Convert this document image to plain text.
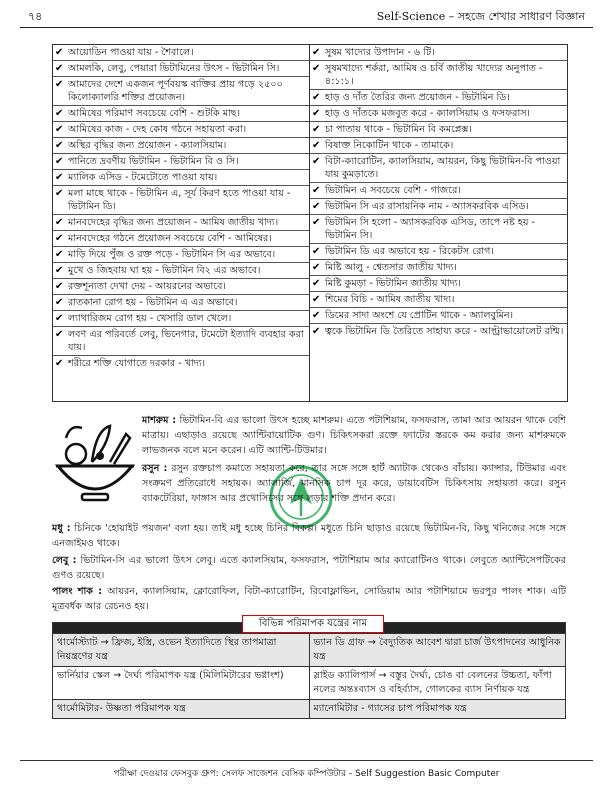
৭৪	Self-Science – সহজে শেখার সাধারণ বিজ্ঞান
✔ আয়োডিন পাওয়া যায় - শৈবালে।
✔ আমলকি, লেবু, পেয়ারা ভিটামিনের উৎস - ভিটামিন সি।
✔ আমাদের দেশে একজন পূর্ণবয়স্ক ব্যক্তির প্রায় গড়ে ২৫০০ কিলোক্যালরি শক্তির প্রয়োজন।
✔ আমিষের পরিমাণ সবচেয়ে বেশি - শুটকি মাছ।
✔ আমিষের কাজ - দেহ কোষ গঠনে সহায়তা করা।
✔ অস্থির বৃদ্ধির জন্য প্রয়োজন - ক্যালসিয়াম।
✔ পানিতে দ্রবণীয় ভিটামিন - ভিটামিন বি ও সি।
✔ ম্যালিক এসিড - টমেটোতে পাওয়া যায়।
✔ মলা মাছে থাকে - ভিটামিন এ, সূর্য কিরণ হতে পাওয়া যায় - ভিটামিন ডি।
✔ মানবদেহের বৃদ্ধির জন্য প্রয়োজন - আমিষ জাতীয় খাদ্য।
✔ মানবদেহের গঠনে প্রয়োজন সবচেয়ে বেশি - আমিষের।
✔ মাড়ি দিয়ে পুঁজ ও রক্ত পড়ে - ভিটামিন সি এর অভাবে।
✔ মুখে ও জিহবায় ঘা হয় - ভিটামিন বি২ এর অভাবে।
✔ রক্তশূন্যতা দেখা দেয় - আয়রনের অভাবে।
✔ রাতকানা রোগ হয় - ভিটামিন এ এর অভাবে।
✔ ল্যাথারিজম রোগ হয় - খেসারি ডাল খেলে।
✔ লবণ এর পরিবর্তে লেবু, ভিনেগার, টমেটো ইত্যাদি ব্যবহার করা যায়।
✔ শরীরে শক্তি যোগাতে দরকার - খাদ্য।
✔ সুষম খাদ্যের উপাদান - ৬ টি।
✔ সুষমখাদ্যে শর্করা, আমিষ ও চর্বি জাতীয় খাদ্যের অনুপাত - ৪:১:১।
✔ হাড় ও দাঁত তৈরির জন্য প্রয়োজন - ভিটামিন ডি।
✔ হাড় ও দাঁতকে মজবুত করে - ক্যালসিয়াম ও ফসফরাস।
✔ চা পাতায় থাকে - ভিটামিন বি কমপ্লেক্স।
✔ বিষাক্ত নিকোটিন থাকে - তামাকে।
✔ বিটা-ক্যারোটিন, ক্যালসিয়াম, আয়রন, কিছু ভিটামিন-বি পাওয়া যায় কুমড়াতে।
✔ ভিটামিন এ সবচেয়ে বেশি - গাজরে।
✔ ভিটামিন সি এর রাসায়নিক নাম - অ্যাসকরবিক এসিড।
✔ ভিটামিন সি হলো - অ্যাসকরবিক এসিড, তাপে নষ্ট হয় - ভিটামিন সি।
✔ ভিটামিন ডি এর অভাবে হয় - রিকেটস রোগ।
✔ মিষ্টি আলু - শ্বেতসার জাতীয় খাদ্য।
✔ মিষ্টি কুমড়া - ভিটামিন জাতীয় খাদ্য।
✔ শিমের বিচি - আমিষ জাতীয় খাদ্য।
✔ ডিমের সাদা অংশে যে প্রোটিন থাকে - অ্যালবুমিন।
✔ ত্বকে ভিটামিন ডি তৈরিতে সাহায্য করে - আল্ট্রাভায়োলেট রশ্মি।
মাশরুম : ভিটামিন-বি এর ভালো উৎস হচ্ছে মাশরুম। এতে পটাশিয়াম, ফসফরাস, তামা আর আয়রন থাকে বেশি মাত্রায়। এছাড়াও রয়েছে অ্যান্টিবায়োটিক গুণ। চিকিৎসকরা রক্তে ফ্যাটের স্তরকে কম করার জন্য মাশরুমকে লাভজনক বলে মনে করেন। এটি অ্যান্টি-টিউমার।
রসুন : রসুন রক্তচাপ কমাতে সহায়তা করে, তার সঙ্গে সঙ্গে হার্ট অ্যাটাক থেকেও বাঁচায়। ক্যান্সার, টিউমার এবং সংক্রমণ প্রতিরোধে সহায়ক। অ্যালার্জি, মানসিক চাপ দূর করে, ডায়াবেটিস চিকিৎসায় সহায়তা করে। রসুন ব্যাকটেরিয়া, ফাঙ্গাস আর প্রথোসিসের সঙ্গে লড়ার শক্তি প্রদান করে।
মধু : চিনিকে 'হোয়াইট পয়জন' বলা হয়। তাই মধু হচ্ছে চিনির বিকল্প। মধুতে চিনি ছাড়াও রয়েছে ভিটামিন-বি, কিছু খনিজের সঙ্গে সঙ্গে এনজাইমও থাকে।
লেবু : ভিটামিন-সি এর ভালো উৎস লেবু। এতে ক্যালসিয়াম, ফসফরাস, পটাশিয়াম আর ক্যারোটিনও থাকে। লেবুতে অ্যান্টিসেপটিকের গুণও রয়েছে।
পালং শাক : আয়রন, ক্যালসিয়াম, ক্লোরোফিল, বিটা-ক্যারোটিন, রিবোফ্লাভিন, সোডিয়াম আর পটাশিয়ামে ভরপুর পালং শাক। এটি মূত্রবর্ধক আর রেচনও হয়।
বিভিন্ন পরিমাপক যন্ত্রের নাম

থার্মোস্ট্যাট → ফ্রিজ, ইস্ত্রি, ওভেন ইত্যাদিতে স্থির তাপমাত্রা নিয়ন্ত্রণের যন্ত্র	ভ্যান ডি গ্রাফ → বৈদ্যুতিক আবেশ দ্বারা চার্জ উৎপাদনের আধুনিক যন্ত্র
ভার্নিয়ার স্কেল → দৈর্ঘ্য পরিমাপক যন্ত্র (মিলিমিটারের ভগ্নাংশ)	স্লাইড ক্যালিপার্স → বস্তুর দৈর্ঘ্য, চোঙ বা বেলনের উচ্চতা, ফাঁপা নলের অন্তঃব্যাস ও বহির্ব্যাস, গোলকের ব্যাস নির্ণায়ক যন্ত্র
থার্মোমিটার- উষ্ণতা পরিমাপক যন্ত্র	ম্যানোমিটার - গ্যাসের চাপ পরিমাপক যন্ত্র
পরীক্ষা দেওয়ার ফেসবুক গ্রুপ: সেলফ সাজেশন বেসিক কম্পিউটার - Self Suggestion Basic Computer
